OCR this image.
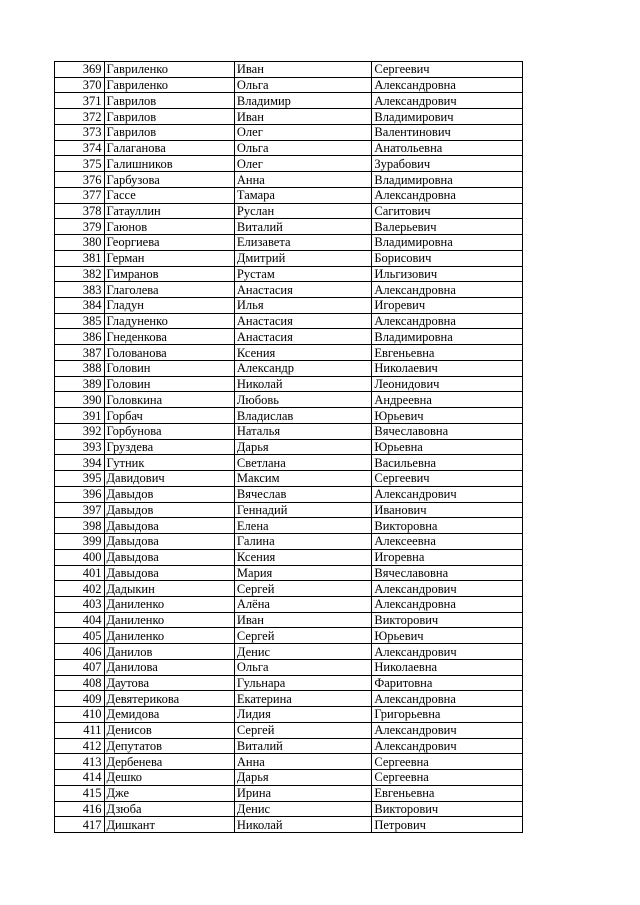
369	Гавриленко	Иван	Сергеевич
370	Гавриленко	Ольга	Александровна
371	Гаврилов	Владимир	Александрович
372	Гаврилов	Иван	Владимирович
373	Гаврилов	Олег	Валентинович
374	Галаганова	Ольга	Анатольевна
375	Галишников	Олег	Зурабович
376	Гарбузова	Анна	Владимировна
377	Гассе	Тамара	Александровна
378	Гатауллин	Руслан	Сагитович
379	Гаюнов	Виталий	Валерьевич
380	Георгиева	Елизавета	Владимировна
381	Герман	Дмитрий	Борисович
382	Гимранов	Рустам	Ильгизович
383	Глаголева	Анастасия	Александровна
384	Гладун	Илья	Игоревич
385	Гладуненко	Анастасия	Александровна
386	Гнеденкова	Анастасия	Владимировна
387	Голованова	Ксения	Евгеньевна
388	Головин	Александр	Николаевич
389	Головин	Николай	Леонидович
390	Головкина	Любовь	Андреевна
391	Горбач	Владислав	Юрьевич
392	Горбунова	Наталья	Вячеславовна
393	Груздева	Дарья	Юрьевна
394	Гутник	Светлана	Васильевна
395	Давидович	Максим	Сергеевич
396	Давыдов	Вячеслав	Александрович
397	Давыдов	Геннадий	Иванович
398	Давыдова	Елена	Викторовна
399	Давыдова	Галина	Алексеевна
400	Давыдова	Ксения	Игоревна
401	Давыдова	Мария	Вячеславовна
402	Дадыкин	Сергей	Александрович
403	Даниленко	Алёна	Александровна
404	Даниленко	Иван	Викторович
405	Даниленко	Сергей	Юрьевич
406	Данилов	Денис	Александрович
407	Данилова	Ольга	Николаевна
408	Даутова	Гульнара	Фаритовна
409	Девятерикова	Екатерина	Александровна
410	Демидова	Лидия	Григорьевна
411	Денисов	Сергей	Александрович
412	Депутатов	Виталий	Александрович
413	Дербенева	Анна	Сергеевна
414	Дешко	Дарья	Сергеевна
415	Дже	Ирина	Евгеньевна
416	Дзюба	Денис	Викторович
417	Дишкант	Николай	Петрович
